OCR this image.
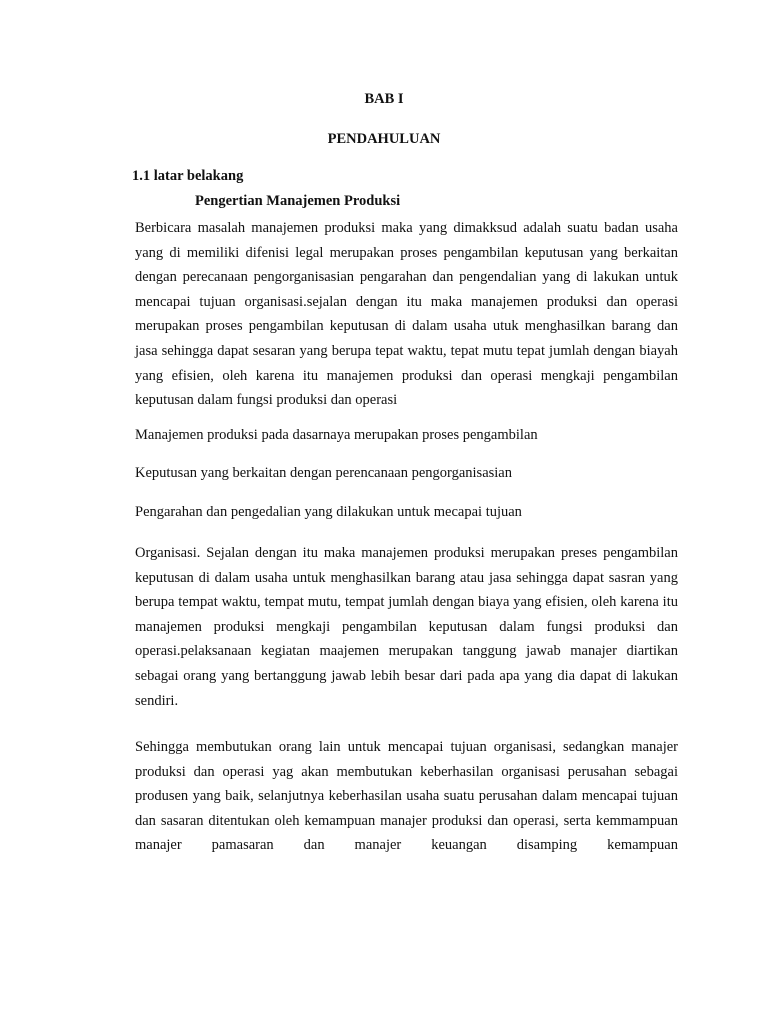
BAB I
PENDAHULUAN
1.1 latar belakang
Pengertian Manajemen Produksi

Berbicara masalah manajemen produksi maka yang dimakksud adalah suatu badan usaha yang di memiliki difenisi legal merupakan proses pengambilan keputusan yang berkaitan dengan perecanaan pengorganisasian pengarahan dan pengendalian yang di lakukan untuk mencapai tujuan organisasi.sejalan dengan itu maka manajemen produksi dan operasi merupakan proses pengambilan keputusan di dalam usaha utuk menghasilkan barang dan jasa sehingga dapat sesaran yang berupa tepat waktu, tepat mutu tepat jumlah dengan biayah yang efisien, oleh karena itu manajemen produksi dan operasi mengkaji pengambilan keputusan dalam fungsi produksi dan operasi

Manajemen produksi pada dasarnaya merupakan proses pengambilan

Keputusan yang berkaitan dengan perencanaan pengorganisasian

Pengarahan dan pengedalian yang dilakukan untuk mecapai tujuan

Organisasi. Sejalan dengan itu maka manajemen produksi merupakan preses pengambilan keputusan di dalam usaha untuk menghasilkan barang atau jasa sehingga dapat sasran yang berupa tempat waktu, tempat mutu, tempat jumlah dengan biaya yang efisien, oleh karena itu manajemen produksi mengkaji pengambilan keputusan dalam fungsi produksi dan operasi.pelaksanaan kegiatan maajemen merupakan tanggung jawab manajer diartikan sebagai orang yang bertanggung jawab lebih besar dari pada apa yang dia dapat di lakukan sendiri.

Sehingga membutukan orang lain untuk mencapai tujuan organisasi, sedangkan manajer produksi dan operasi yag akan membutukan keberhasilan organisasi perusahan sebagai produsen yang baik, selanjutnya keberhasilan usaha suatu perusahan dalam mencapai tujuan dan sasaran ditentukan oleh kemampuan manajer produksi dan operasi, serta kemmampuan manajer pamasaran dan manajer keuangan disamping kemampuan
